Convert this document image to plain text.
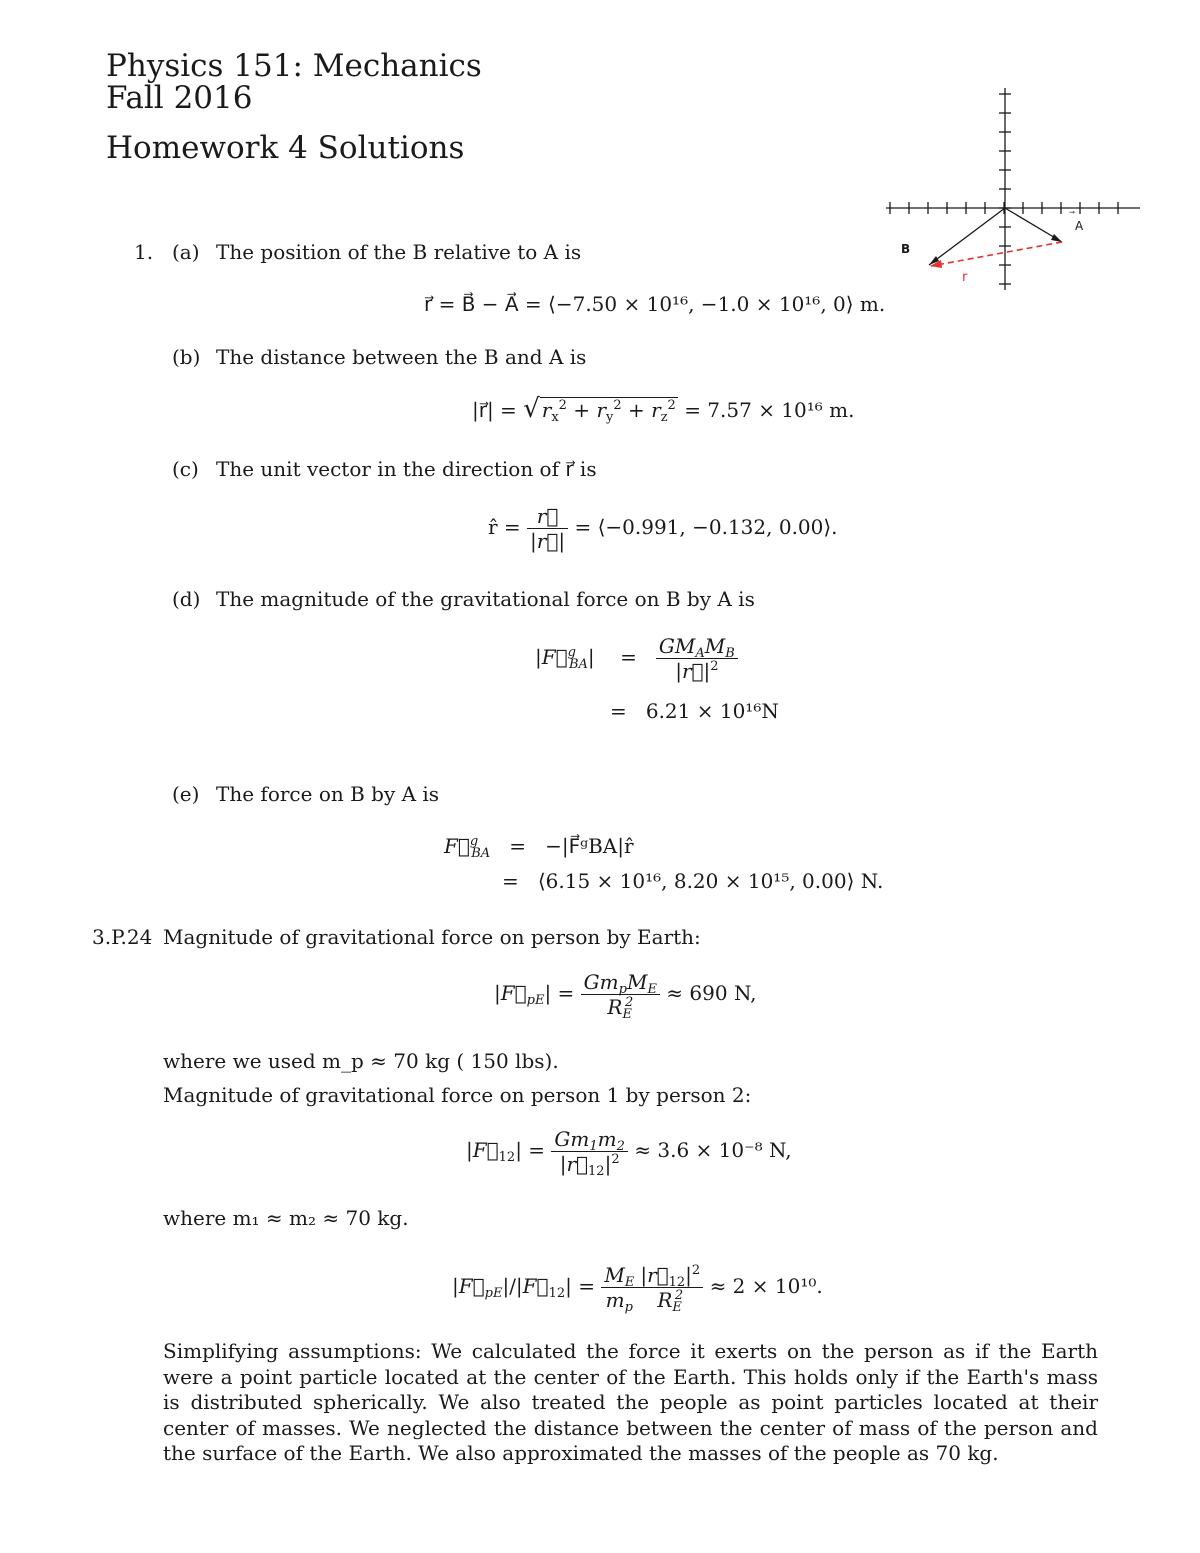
Physics 151: Mechanics
Fall 2016
Homework 4 Solutions
A
B
r
1. (a) The position of the B relative to A is
r⃗ = B⃗ − A⃗ = ⟨−7.50 × 10¹⁶, −1.0 × 10¹⁶, 0⟩ m.
(b) The distance between the B and A is
|r⃗| = √ $r_x^2 + r_y^2 + r_z^2 = 7.57 \times 10^{16}$ m.
(c) The unit vector in the direction of r⃗ is
r̂ = $\frac{r⃗}{|r⃗|}$ = ⟨−0.991, −0.132, 0.00⟩.
(d) The magnitude of the gravitational force on B by A is
|F⃗$^g_{BA}$|    = $\frac{GM_AM_B}{|r⃗|^2}$
=   6.21 × 10¹⁶N
(e) The force on B by A is
F⃗$^g_{BA}$   =   −|F⃗ᵍBA|r̂
=   ⟨6.15 × 10¹⁶, 8.20 × 10¹⁵, 0.00⟩ N.
3.P.24 Magnitude of gravitational force on person by Earth:
$|F⃗_{pE}| = \frac{Gm_pM_E}{R_E^2} \approx 690$ N,
where we used m_p ≈ 70 kg ( 150 lbs).
Magnitude of gravitational force on person 1 by person 2:
$|F⃗_{12}| = \frac{Gm_1m_2}{|r⃗_{12}|^2} \approx 3.6 \times 10^{-8}$ N,
where m₁ ≈ m₂ ≈ 70 kg.
$|F⃗_{pE}|/|F⃗_{12}| = \frac{M_E}{m_p} \frac{|r⃗_{12}|^2}{R_E^2} \approx 2 \times 10^{10}$.
Simplifying assumptions: We calculated the force it exerts on the person as if the Earth were a point particle located at the center of the Earth. This holds only if the Earth's mass is distributed spherically. We also treated the people as point particles located at their center of masses. We neglected the distance between the center of mass of the person and the surface of the Earth. We also approximated the masses of the people as 70 kg.
